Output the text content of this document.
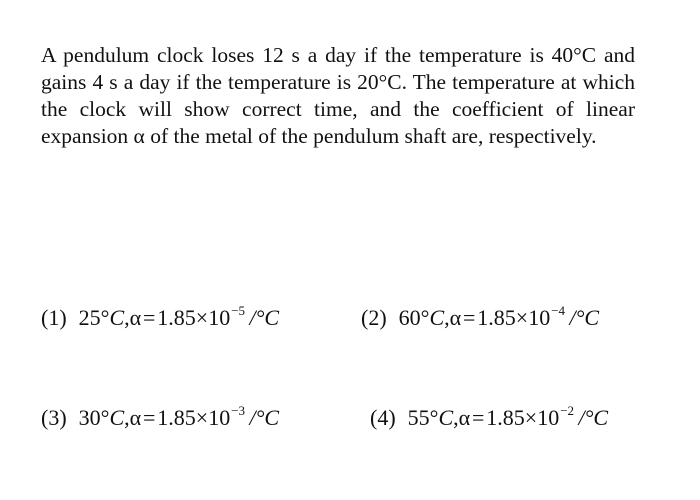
A pendulum clock loses 12 s a day if the temperature is 40°C and gains 4 s a day if the temperature is 20°C. The temperature at which the clock will show correct time, and the coefficient of linear expansion α of the metal of the pendulum shaft are, respectively.
(1) 25°C,α = $1.85\times 10^{-5}$  /°C	(2) 60°C,α = $1.85\times 10^{-4}$  /°C
(3) 30°C,α = $1.85\times 10^{-3}$  /°C	(4) 55°C,α = $1.85\times 10^{-2}$  /°C
